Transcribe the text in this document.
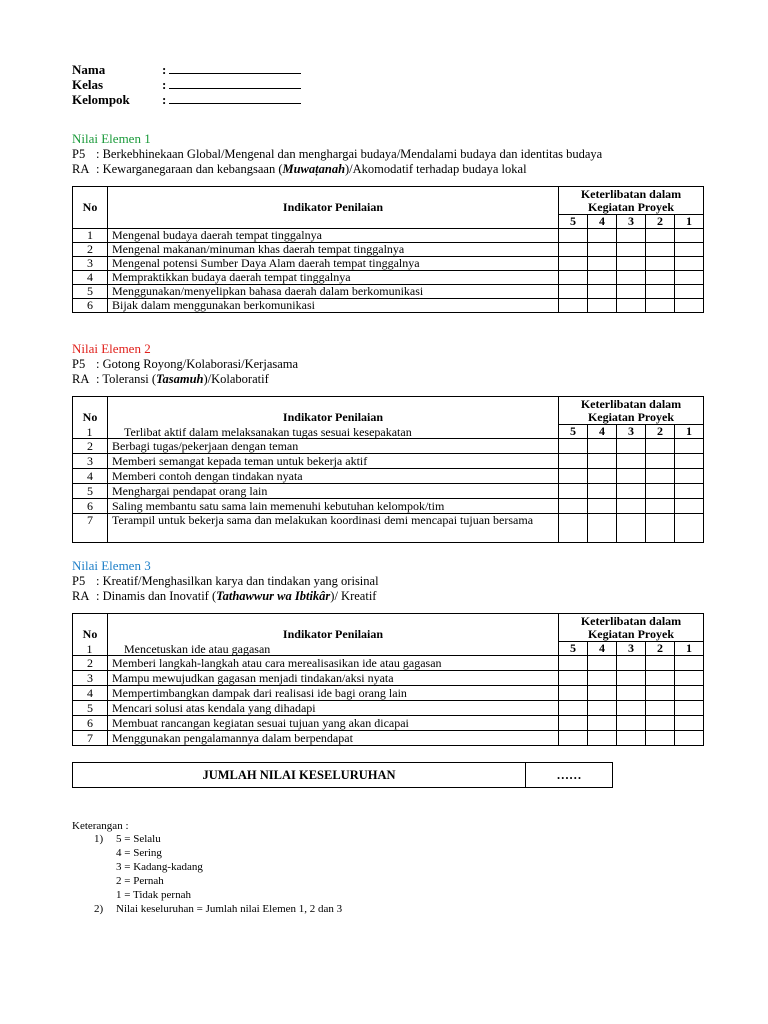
Nama	:
Kelas	:
Kelompok :
Nilai Elemen 1
P5 : Berkebhinekaan Global/Mengenal dan menghargai budaya/Mendalami budaya dan identitas budaya
RA : Kewarganegaraan dan kebangsaan (Muwaṭanah)/Akomodatif terhadap budaya lokal
No	Indikator Penilaian	Keterlibatan dalam Kegiatan Proyek				
		5	4	3	2	1
1	Mengenal budaya daerah tempat tinggalnya					
2	Mengenal makanan/minuman khas daerah tempat tinggalnya					
3	Mengenal potensi Sumber Daya Alam daerah tempat tinggalnya					
4	Mempraktikkan budaya daerah tempat tinggalnya					
5	Menggunakan/menyelipkan bahasa daerah dalam berkomunikasi					
6	Bijak dalam menggunakan berkomunikasi					
Nilai Elemen 2
P5 : Gotong Royong/Kolaborasi/Kerjasama
RA : Toleransi (Tasamuh)/Kolaboratif
No	Indikator Penilaian	Keterlibatan dalam Kegiatan Proyek				
		5	4	3	2	1
2	Berbagi tugas/pekerjaan dengan teman					
3	Memberi semangat kepada teman untuk bekerja aktif					
4	Memberi contoh dengan tindakan nyata					
5	Menghargai pendapat orang lain					
6	Saling membantu satu sama lain memenuhi kebutuhan kelompok/tim					
7	Terampil untuk bekerja sama dan melakukan koordinasi demi mencapai tujuan bersama					
1	Terlibat aktif dalam melaksanakan tugas sesuai kesepakatan
Nilai Elemen 3
P5 : Kreatif/Menghasilkan karya dan tindakan yang orisinal
RA : Dinamis dan Inovatif (Tathawwur wa Ibtikâr)/ Kreatif
No	Indikator Penilaian	Keterlibatan dalam Kegiatan Proyek				
		5	4	3	2	1
2	Memberi langkah-langkah atau cara merealisasikan ide atau gagasan					
3	Mampu mewujudkan gagasan menjadi tindakan/aksi nyata					
4	Mempertimbangkan dampak dari realisasi ide bagi orang lain					
5	Mencari solusi atas kendala yang dihadapi					
6	Membuat rancangan kegiatan sesuai tujuan yang akan dicapai					
7	Menggunakan pengalamannya dalam berpendapat					
1	Mencetuskan ide atau gagasan
JUMLAH NILAI KESELURUHAN	……
Keterangan :
1) 5 = Selalu
4 = Sering
3 = Kadang-kadang
2 = Pernah
1 = Tidak pernah
2) Nilai keseluruhan = Jumlah nilai Elemen 1, 2 dan 3
